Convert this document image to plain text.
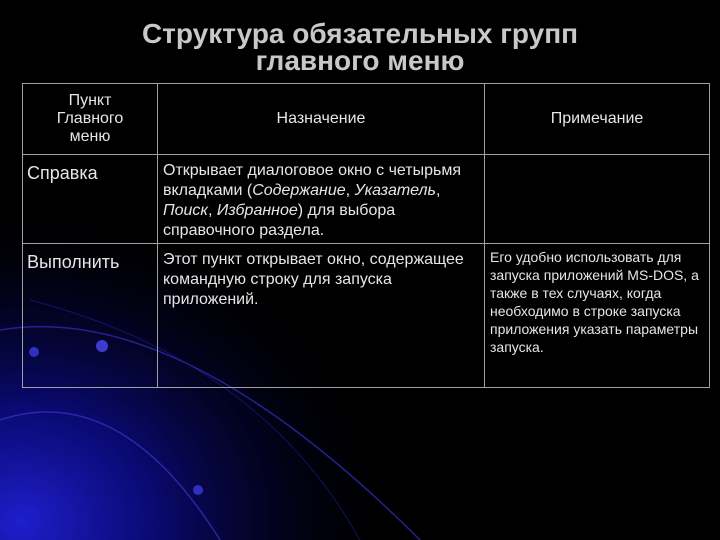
Структура обязательных групп
главного меню
Пункт Главного меню	Назначение	Примечание
Справка	Открывает диалоговое окно с четырьмя вкладками (Содержание, Указатель, Поиск, Избранное) для выбора справочного раздела.	
Выполнить	Этот пункт открывает окно, содержащее командную строку для запуска приложений.	Его удобно использовать для запуска приложений MS-DOS, а также в тех случаях, когда необходимо в строке запуска приложения указать параметры запуска.
